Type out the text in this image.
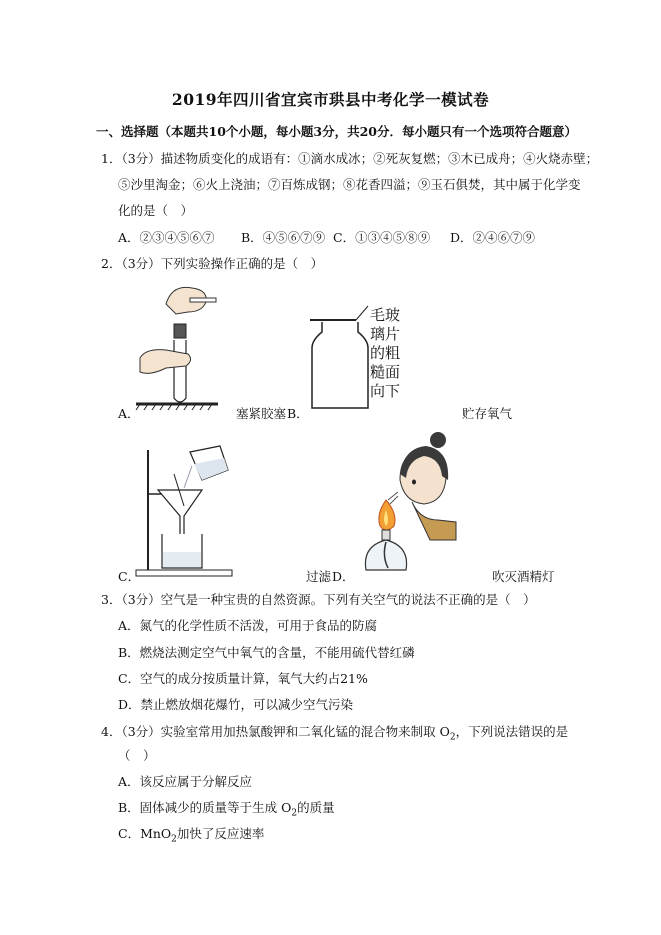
2019年四川省宜宾市珙县中考化学一模试卷
一、选择题（本题共10个小题，每小题3分，共20分．每小题只有一个选项符合题意）
1．（3分）描述物质变化的成语有：①滴水成冰；②死灰复燃；③木已成舟；④火烧赤壁；
⑤沙里淘金；⑥火上浇油；⑦百炼成钢；⑧花香四溢；⑨玉石俱焚，其中属于化学变
化的是（　）
A．②③④⑤⑥⑦ B．④⑤⑥⑦⑨ C．①③④⑤⑧⑨ D．②④⑥⑦⑨
2．（3分）下列实验操作正确的是（　）
A．	塞紧胶塞 B．
毛玻
璃片
的粗
糙面
向下
贮存氧气
C．	过滤 D．	吹灭酒精灯
3．（3分）空气是一种宝贵的自然资源。下列有关空气的说法不正确的是（　）
A．氮气的化学性质不活泼，可用于食品的防腐
B．燃烧法测定空气中氧气的含量，不能用硫代替红磷
C．空气的成分按质量计算，氧气大约占21%
D．禁止燃放烟花爆竹，可以减少空气污染
4．（3分）实验室常用加热氯酸钾和二氧化锰的混合物来制取 $O_2$，下列说法错误的是
（　）
A．该反应属于分解反应
B．固体减少的质量等于生成 $O_2$的质量
C．MnO$_2$加快了反应速率
